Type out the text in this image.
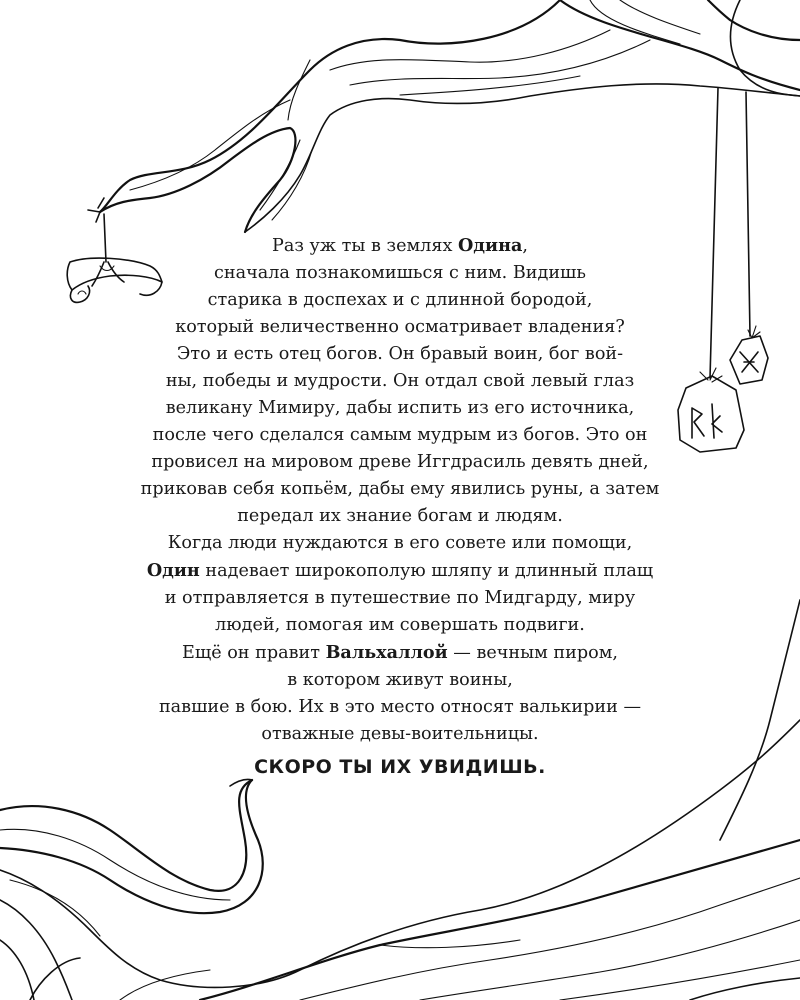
Раз уж ты в землях Одина,
сначала познакомишься с ним. Видишь
старика в доспехах и с длинной бородой,
который величественно осматривает владения?
Это и есть отец богов. Он бравый воин, бог вой-
ны, победы и мудрости. Он отдал свой левый глаз
великану Мимиру, дабы испить из его источника,
после чего сделался самым мудрым из богов. Это он
провисел на мировом древе Иггдрасиль девять дней,
приковав себя копьём, дабы ему явились руны, а затем
передал их знание богам и людям.
Когда люди нуждаются в его совете или помощи,
Один надевает широкополую шляпу и длинный плащ
и отправляется в путешествие по Мидгарду, миру
людей, помогая им совершать подвиги.
Ещё он правит Вальхаллой — вечным пиром,
в котором живут воины,
павшие в бою. Их в это место относят валькирии —
отважные девы-воительницы.
СКОРО ТЫ ИХ УВИДИШЬ.
